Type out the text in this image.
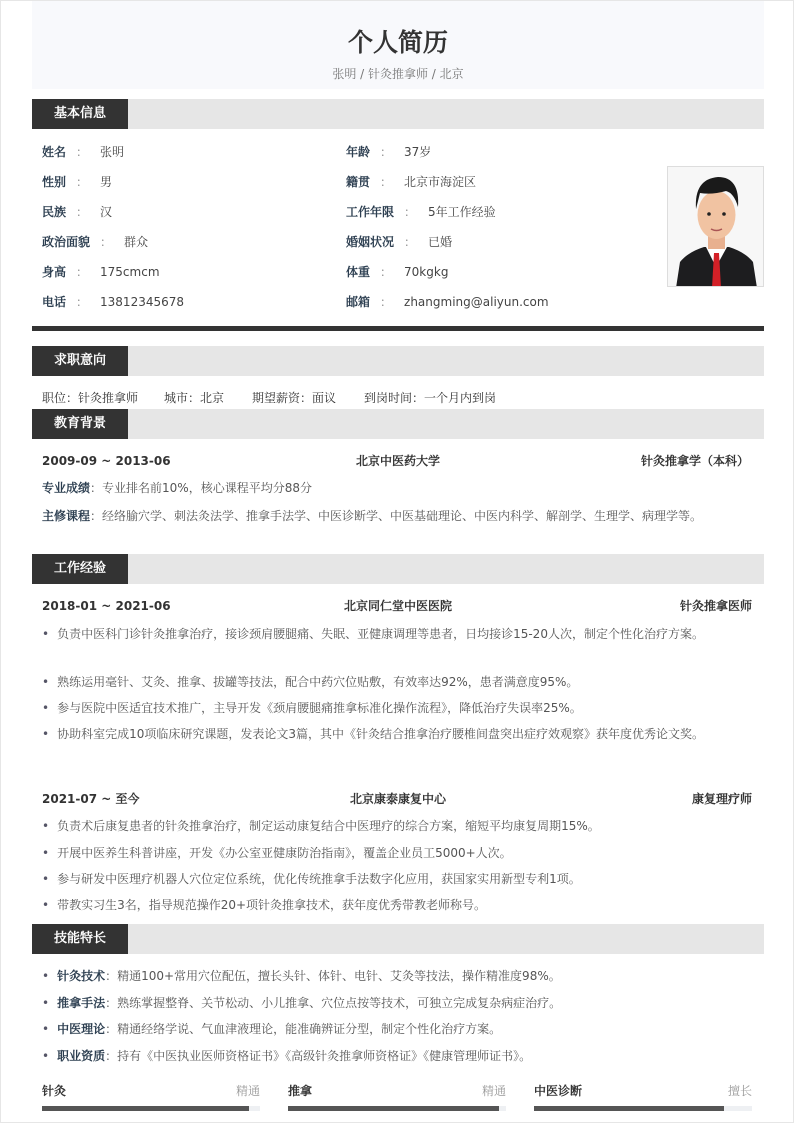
个人简历
张明 / 针灸推拿师 / 北京
基本信息
姓名 ： 张明
性别 ： 男
民族 ： 汉
政治面貌 ： 群众
身高 ： 175cmcm
电话 ： 13812345678
年龄 ： 37岁
籍贯 ： 北京市海淀区
工作年限 ： 5年工作经验
婚姻状况 ： 已婚
体重 ： 70kgkg
邮箱 ： zhangming@aliyun.com
求职意向
职位：针灸推拿师 城市：北京 期望薪资：面议 到岗时间：一个月内到岗
教育背景
2009-09 ~ 2013-06	北京中医药大学	针灸推拿学（本科）
专业成绩：专业排名前10%，核心课程平均分88分
主修课程：经络腧穴学、刺法灸法学、推拿手法学、中医诊断学、中医基础理论、中医内科学、解剖学、生理学、病理学等。
工作经验
2018-01 ~ 2021-06	北京同仁堂中医医院	针灸推拿医师
• 负责中医科门诊针灸推拿治疗，接诊颈肩腰腿痛、失眠、亚健康调理等患者，日均接诊15-20人次，制定个性化治疗方案。
• 熟练运用毫针、艾灸、推拿、拔罐等技法，配合中药穴位贴敷，有效率达92%，患者满意度95%。
• 参与医院中医适宜技术推广，主导开发《颈肩腰腿痛推拿标准化操作流程》，降低治疗失误率25%。
• 协助科室完成10项临床研究课题，发表论文3篇，其中《针灸结合推拿治疗腰椎间盘突出症疗效观察》获年度优秀论文奖。
2021-07 ~ 至今	北京康泰康复中心	康复理疗师
• 负责术后康复患者的针灸推拿治疗，制定运动康复结合中医理疗的综合方案，缩短平均康复周期15%。
• 开展中医养生科普讲座，开发《办公室亚健康防治指南》，覆盖企业员工5000+人次。
• 参与研发中医理疗机器人穴位定位系统，优化传统推拿手法数字化应用，获国家实用新型专利1项。
• 带教实习生3名，指导规范操作20+项针灸推拿技术，获年度优秀带教老师称号。
技能特长
• 针灸技术：精通100+常用穴位配伍，擅长头针、体针、电针、艾灸等技法，操作精准度98%。
• 推拿手法：熟练掌握整脊、关节松动、小儿推拿、穴位点按等技术，可独立完成复杂病症治疗。
• 中医理论：精通经络学说、气血津液理论，能准确辨证分型，制定个性化治疗方案。
• 职业资质：持有《中医执业医师资格证书》《高级针灸推拿师资格证》《健康管理师证书》。
针灸	精通 推拿	精通 中医诊断	擅长
